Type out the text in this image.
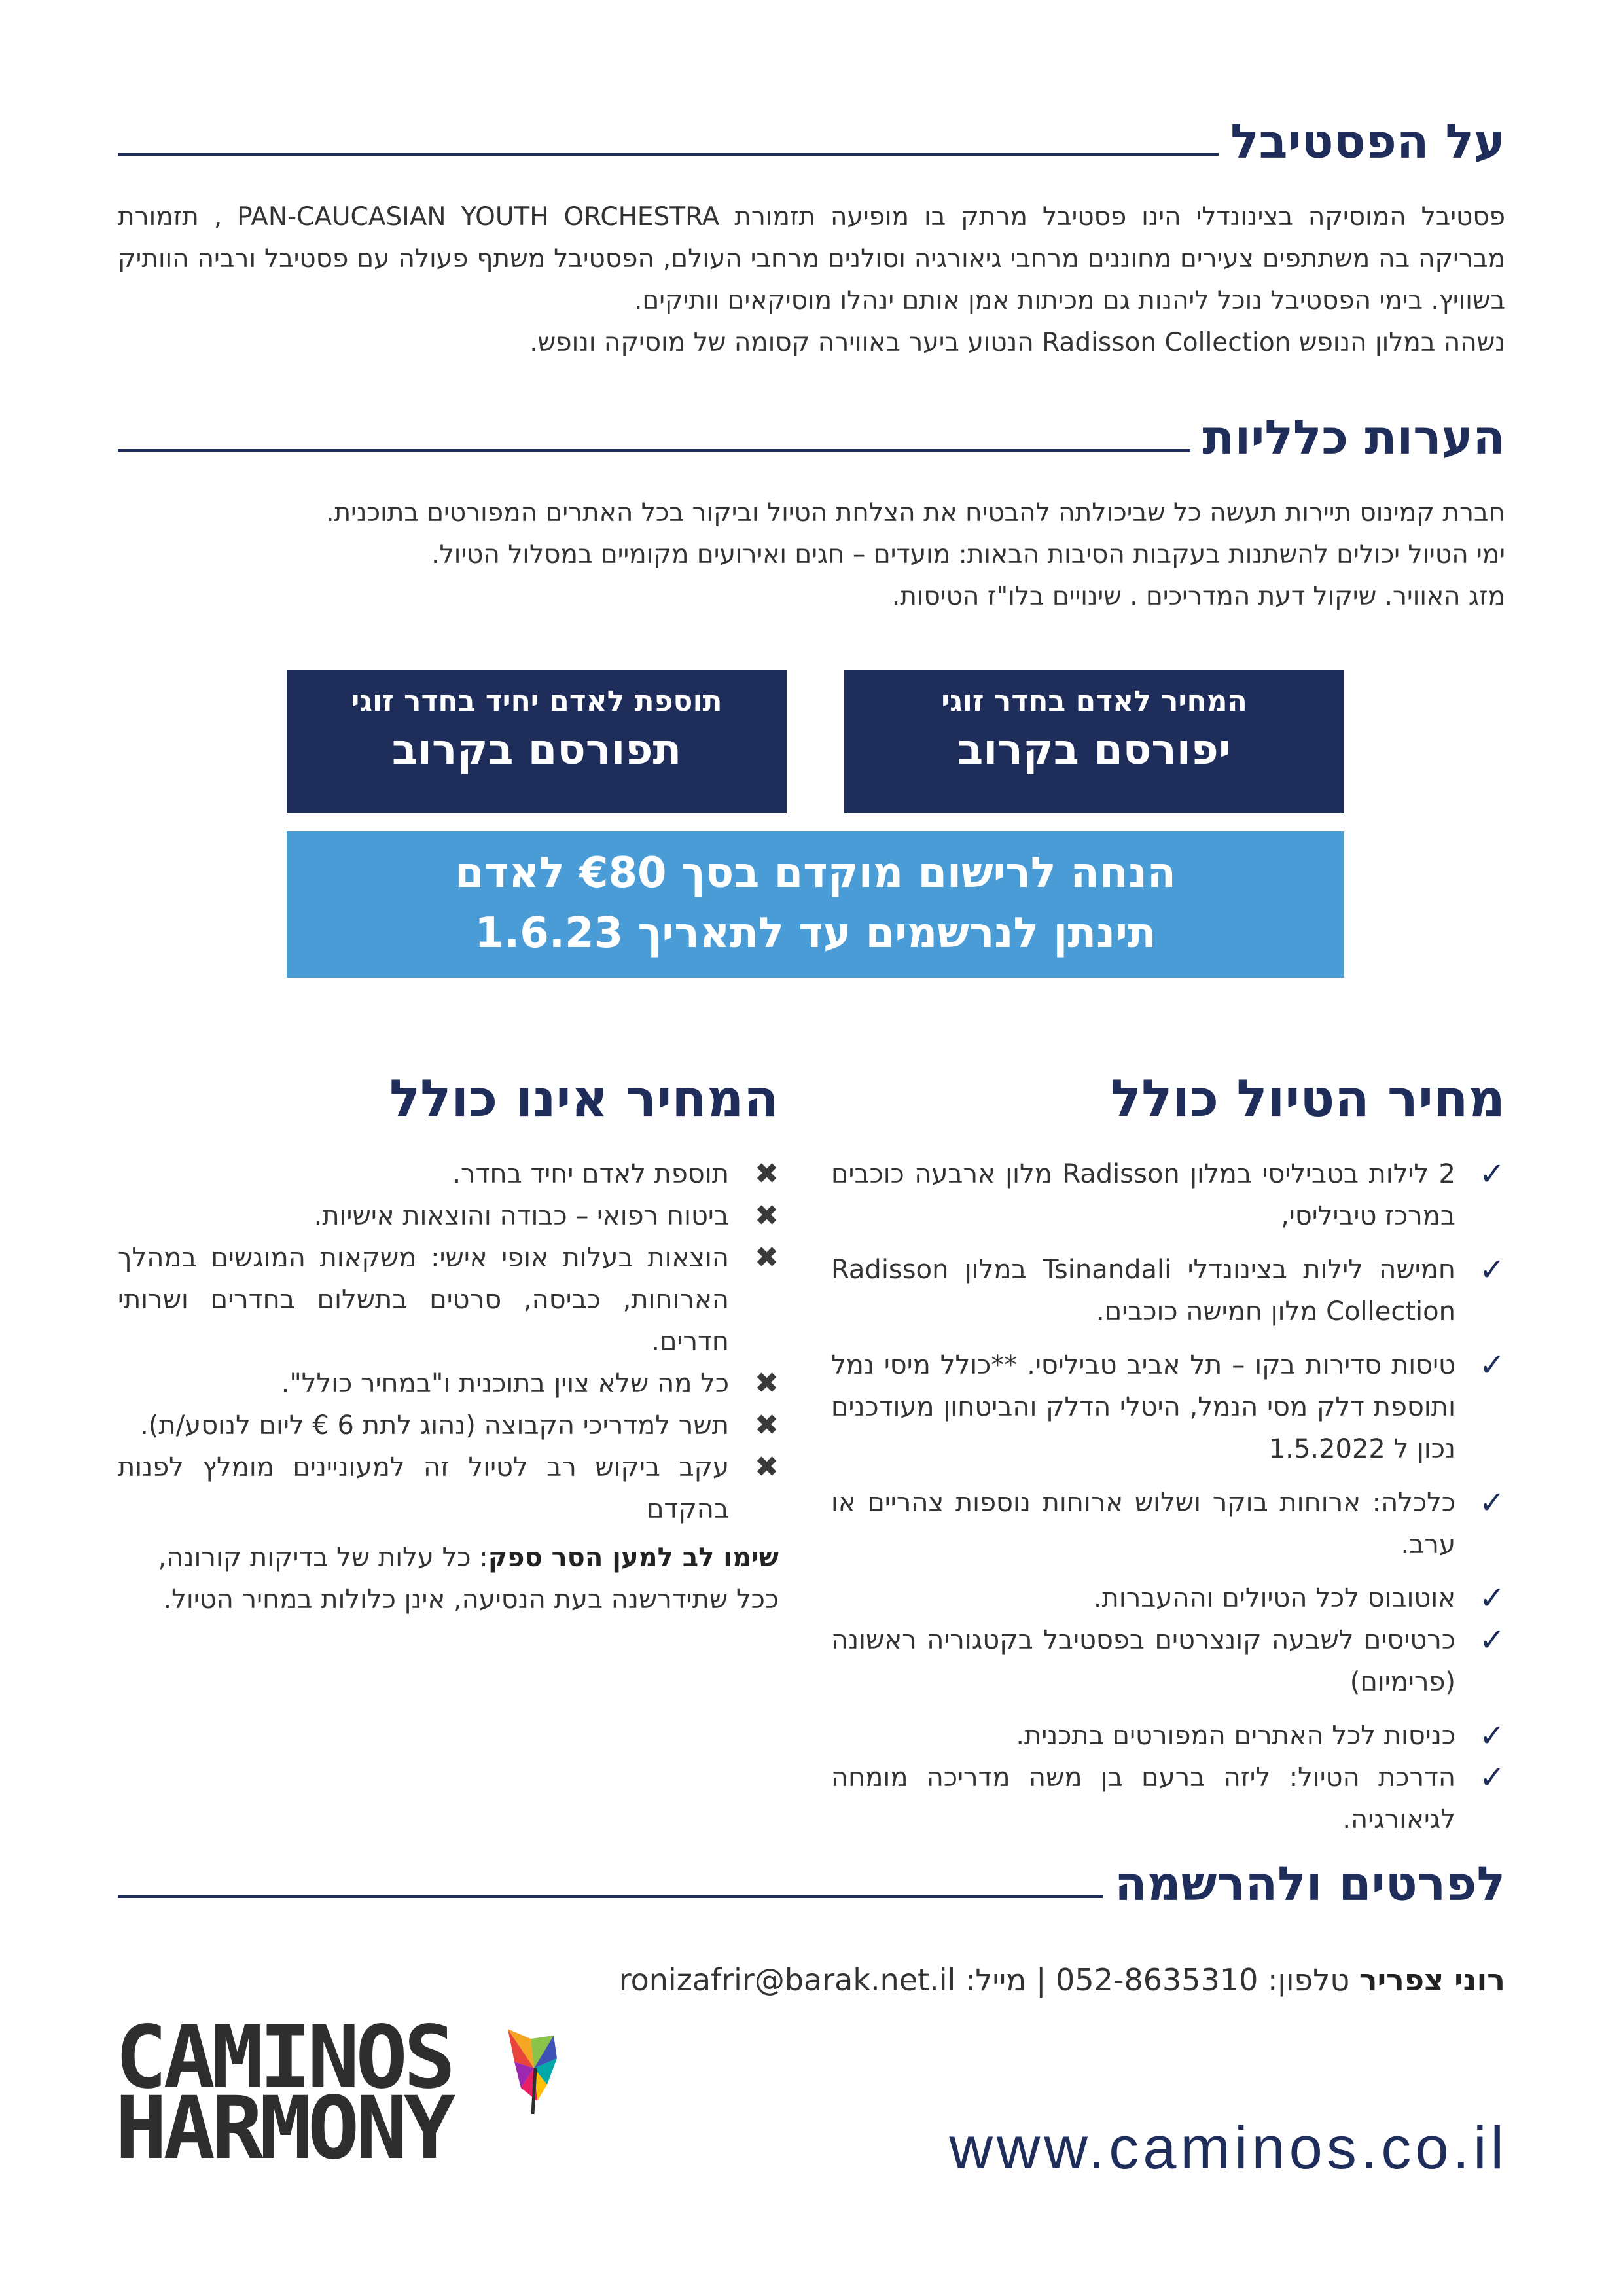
על הפסטיבל

פסטיבל המוסיקה בצינונדלי הינו פסטיבל מרתק בו מופיעה תזמורת PAN-CAUCASIAN YOUTH ORCHESTRA , תזמורת מבריקה בה משתתפים צעירים מחוננים מרחבי גיאורגיה וסולנים מרחבי העולם, הפסטיבל משתף פעולה עם פסטיבל ורביה הוותיק בשוויץ. בימי הפסטיבל נוכל ליהנות גם מכיתות אמן אותם ינהלו מוסיקאים וותיקים.

נשהה במלון הנופש Radisson Collection הנטוע ביער באווירה קסומה של מוסיקה ונופש.

הערות כלליות

חברת קמינוס תיירות תעשה כל שביכולתה להבטיח את הצלחת הטיול וביקור בכל האתרים המפורטים בתוכנית.

ימי הטיול יכולים להשתנות בעקבות הסיבות הבאות: מועדים – חגים ואירועים מקומיים במסלול הטיול.

מזג האוויר. שיקול דעת המדריכים . שינויים בלו"ז הטיסות.

המחיר לאדם בחדר זוגי
יפורסם בקרוב
תוספת לאדם יחיד בחדר זוגי
תפורסם בקרוב
הנחה לרישום מוקדם בסך €80 לאדם
תינתן לנרשמים עד לתאריך 1.6.23
מחיר הטיול כולל
✓
2 לילות בטביליסי במלון Radisson מלון ארבעה כוכבים במרכז טיביליסי,
✓
חמישה לילות בצינונדלי Tsinandali במלון Radisson Collection מלון חמישה כוכבים.
✓
טיסות סדירות בקו – תל אביב טביליסי. **כולל מיסי נמל ותוספת דלק מסי הנמל, היטלי הדלק והביטחון מעודכנים נכון ל 1.5.2022
✓
כלכלה: ארוחות בוקר ושלוש ארוחות נוספות צהריים או ערב.
✓
אוטובוס לכל הטיולים וההעברות.
✓
כרטיסים לשבעה קונצרטים בפסטיבל בקטגוריה ראשונה (פרימיום)
✓
כניסות לכל האתרים המפורטים בתכנית.
✓
הדרכת הטיול: ליזה ברעם בן משה מדריכה מומחה לגיאורגיה.
המחיר אינו כולל
✖
תוספת לאדם יחיד בחדר.
✖
ביטוח רפואי – כבודה והוצאות אישיות.
✖
הוצאות בעלות אופי אישי: משקאות המוגשים במהלך הארוחות, כביסה, סרטים בתשלום בחדרים ושרותי חדרים.
✖
כל מה שלא צוין בתוכנית ו"במחיר כולל".
✖
תשר למדריכי הקבוצה (נהוג לתת 6 € ליום לנוסע/ת).
✖
עקב ביקוש רב לטיול זה למעוניינים מומלץ לפנות בהקדם
שימו לב למען הסר ספק: כל עלות של בדיקות קורונה, ככל שתידרשנה בעת הנסיעה, אינן כלולות במחיר הטיול.
לפרטים ולהרשמה
רוני צפריר טלפון: 052-8635310 | מייל: ronizafrir@barak.net.il
CAMINOS
HARMONY	www.caminos.co.il
